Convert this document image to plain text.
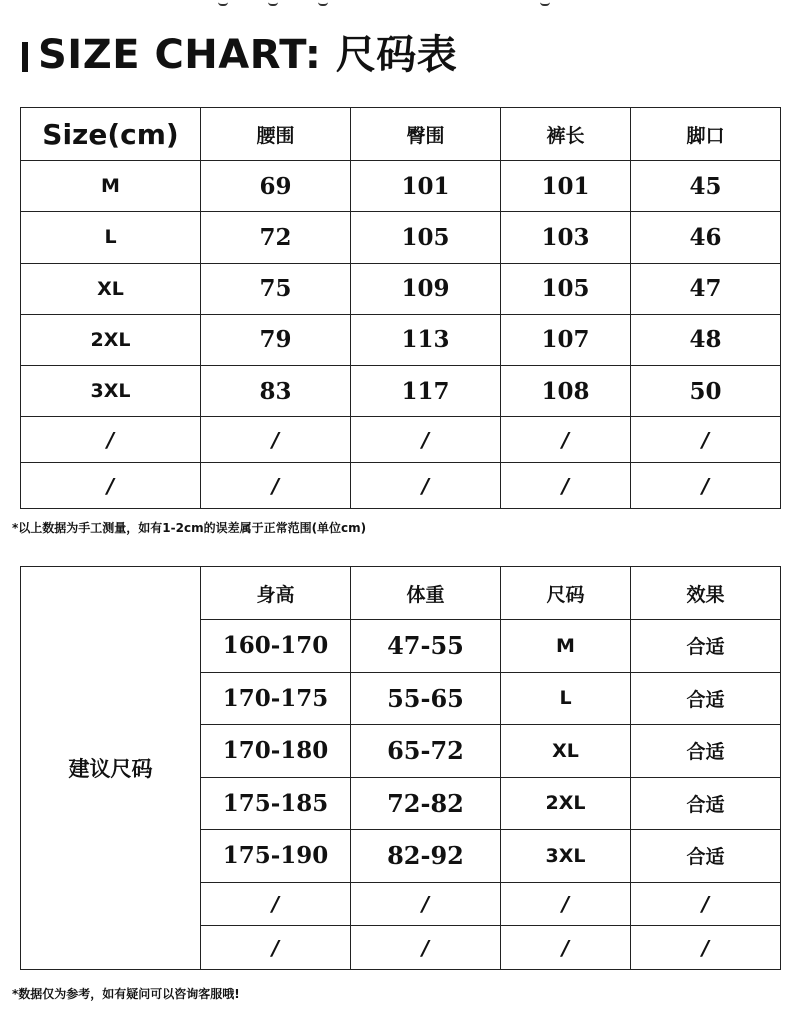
SIZE CHART: 尺码表
Size(cm)	腰围	臀围	裤长	脚口
M	69	101	101	45
L	72	105	103	46
XL	75	109	105	47
2XL	79	113	107	48
3XL	83	117	108	50
/	/	/	/	/
/	/	/	/	/
*以上数据为手工测量，如有1-2cm的误差属于正常范围(单位cm)
建议尺码	身高	体重	尺码	效果
	160-170	47-55	M	合适
	170-175	55-65	L	合适
	170-180	65-72	XL	合适
	175-185	72-82	2XL	合适
	175-190	82-92	3XL	合适
	/	/	/	/
	/	/	/	/
*数据仅为参考，如有疑问可以咨询客服哦!
